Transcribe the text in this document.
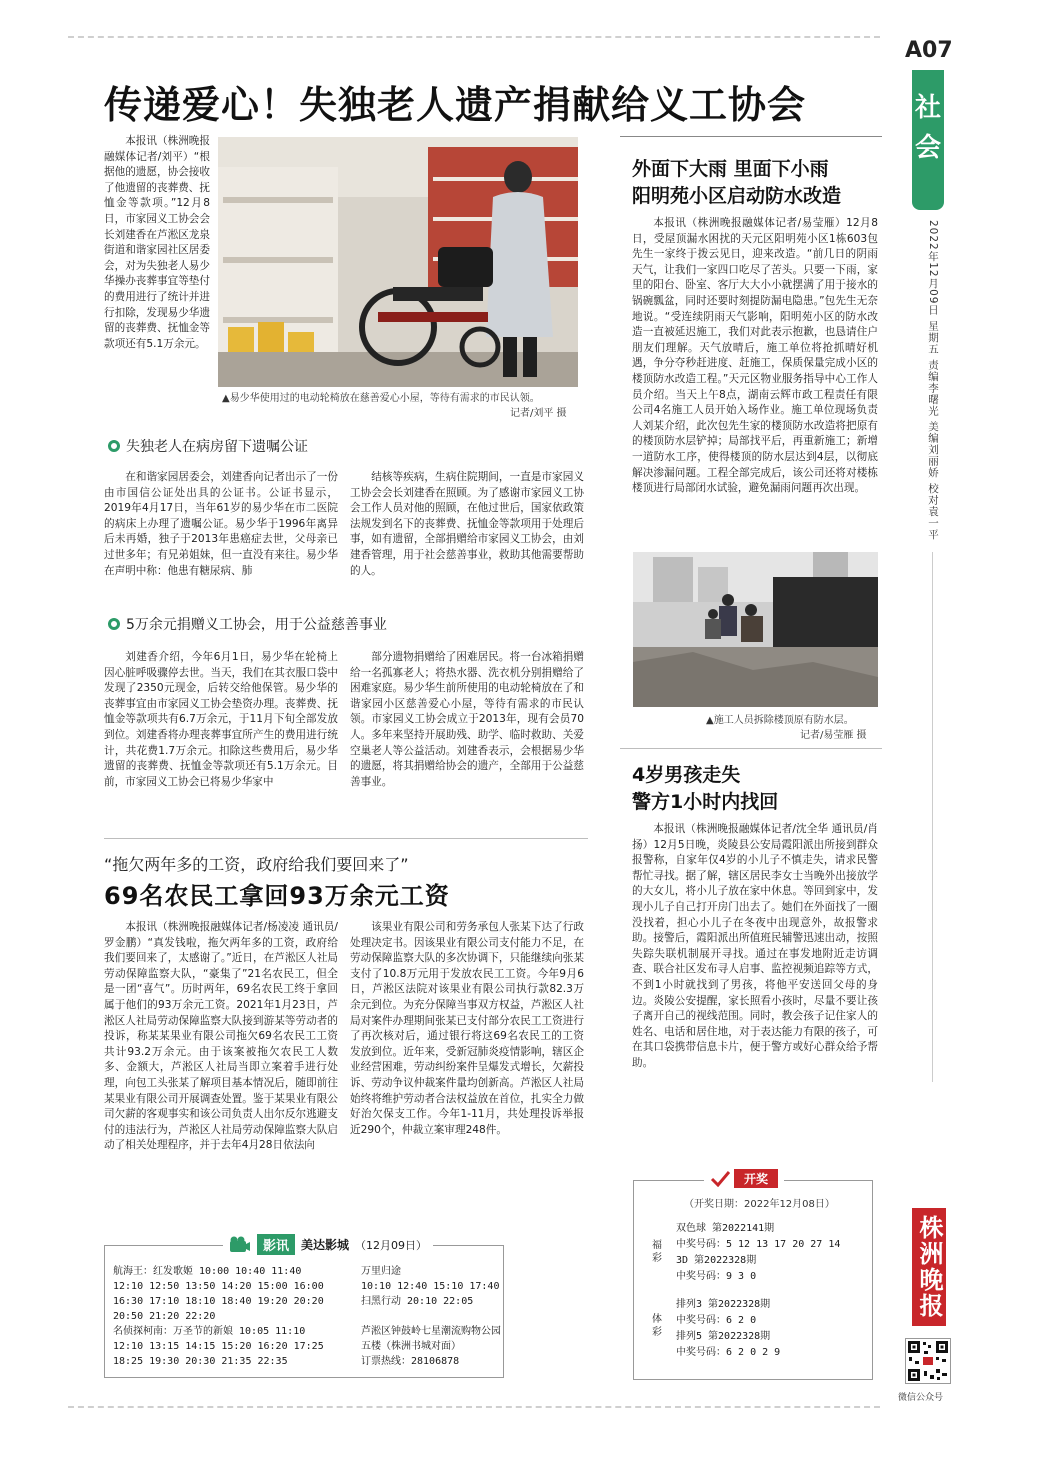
A07
社会
2022年12月09日 星期五 责编李曙光 美编刘丽娇 校对袁一平
株洲晚报
微信公众号
传递爱心！失独老人遗产捐献给义工协会

本报讯（株洲晚报融媒体记者/刘平）“根据他的遗愿，协会接收了他遗留的丧葬费、抚恤金等款项。”12月8日，市家园义工协会会长刘建香在芦淞区龙泉街道和谐家园社区居委会，对为失独老人易少华操办丧葬事宜等垫付的费用进行了统计并进行扣除，发现易少华遗留的丧葬费、抚恤金等款项还有5.1万余元。

▲易少华使用过的电动轮椅放在慈善爱心小屋，等待有需求的市民认领。
记者/刘平 摄
失独老人在病房留下遗嘱公证

在和谐家园居委会，刘建香向记者出示了一份由市国信公证处出具的公证书。公证书显示，2019年4月17日，当年61岁的易少华在市二医院的病床上办理了遗嘱公证。易少华于1996年离异后未再婚，独子于2013年患癌症去世，父母亲已过世多年；有兄弟姐妹，但一直没有来往。易少华在声明中称：他患有糖尿病、肺

结核等疾病，生病住院期间，一直是市家园义工协会会长刘建香在照顾。为了感谢市家园义工协会工作人员对他的照顾，在他过世后，国家依政策法规发到名下的丧葬费、抚恤金等款项用于处理后事，如有遗留，全部捐赠给市家园义工协会，由刘建香管理，用于社会慈善事业，救助其他需要帮助的人。

5万余元捐赠义工协会，用于公益慈善事业

刘建香介绍，今年6月1日，易少华在轮椅上因心脏呼吸骤停去世。当天，我们在其衣服口袋中发现了2350元现金，后转交给他保管。易少华的丧葬事宜由市家园义工协会垫资办理。丧葬费、抚恤金等款项共有6.7万余元，于11月下旬全部发放到位。刘建香将办理丧葬事宜所产生的费用进行统计，共花费1.7万余元。扣除这些费用后，易少华遗留的丧葬费、抚恤金等款项还有5.1万余元。目前，市家园义工协会已将易少华家中

部分遗物捐赠给了困难居民。将一台冰箱捐赠给一名孤寡老人；将热水器、洗衣机分别捐赠给了困难家庭。易少华生前所使用的电动轮椅放在了和谐家园小区慈善爱心小屋，等待有需求的市民认领。市家园义工协会成立于2013年，现有会员70人。多年来坚持开展助残、助学、临时救助、关爱空巢老人等公益活动。刘建香表示，会根据易少华的遗愿，将其捐赠给协会的遗产，全部用于公益慈善事业。

“拖欠两年多的工资，政府给我们要回来了”
69名农民工拿回93万余元工资

本报讯（株洲晚报融媒体记者/杨凌凌 通讯员/罗金鹏）“真发钱啦，拖欠两年多的工资，政府给我们要回来了，太感谢了。”近日，在芦淞区人社局劳动保障监察大队，“豪集了”21名农民工，但全是一团“喜气”。历时两年，69名农民工终于拿回属于他们的93万余元工资。2021年1月23日，芦淞区人社局劳动保障监察大队接到游某等劳动者的投诉，称某某果业有限公司拖欠69名农民工工资共计93.2万余元。由于该案被拖欠农民工人数多、金额大，芦淞区人社局当即立案着手进行处理，向包工头张某了解项目基本情况后，随即前往某果业有限公司开展调查处置。鉴于某果业有限公司欠薪的客观事实和该公司负责人出尔反尔逃避支付的违法行为，芦淞区人社局劳动保障监察大队启动了相关处理程序，并于去年4月28日依法向

该果业有限公司和劳务承包人张某下达了行政处理决定书。因该果业有限公司支付能力不足，在劳动保障监察大队的多次协调下，只能继续向张某支付了10.8万元用于发放农民工工资。今年9月6日，芦淞区法院对该果业有限公司执行款82.3万余元到位。为充分保障当事双方权益，芦淞区人社局对案件办理期间张某已支付部分农民工工资进行了再次核对后，通过银行将这69名农民工的工资发放到位。近年来，受新冠肺炎疫情影响，辖区企业经营困难，劳动纠纷案件呈爆发式增长，欠薪投诉、劳动争议仲裁案件量均创新高。芦淞区人社局始终将维护劳动者合法权益放在首位，扎实全力做好治欠保支工作。今年1-11月，共处理投诉举报近290个，仲裁立案审理248件。

影讯	美达影城 （12月09日）
航海王：红发歌姬 10:00 10:40 11:40
12:10 12:50 13:50 14:20 15:00 16:00
16:30 17:10 18:10 18:40 19:20 20:20
20:50 21:20 22:20
名侦探柯南：万圣节的新娘 10:05 11:10
12:10 13:15 14:15 15:20 16:20 17:25
18:25 19:30 20:30 21:35 22:35
万里归途
10:10 12:40 15:10 17:40
扫黑行动 20:10 22:05
芦淞区钟鼓岭七星潮流购物公园
五楼（株洲书城对面）
订票热线：28106878
外面下大雨 里面下小雨
阳明苑小区启动防水改造

本报讯（株洲晚报融媒体记者/易莹雁）12月8日，受屋顶漏水困扰的天元区阳明苑小区1栋603包先生一家终于拨云见日，迎来改造。“前几日的阴雨天气，让我们一家四口吃尽了苦头。只要一下雨，家里的阳台、卧室、客厅大大小小就摆满了用于接水的锅碗瓢盆，同时还要时刻提防漏电隐患。”包先生无奈地说。“受连续阴雨天气影响，阳明苑小区的防水改造一直被延迟施工，我们对此表示抱歉，也恳请住户朋友们理解。天气放晴后，施工单位将抢抓晴好机遇，争分夺秒赶进度、赶施工，保质保量完成小区的楼顶防水改造工程。”天元区物业服务指导中心工作人员介绍。当天上午8点，湖南云辉市政工程责任有限公司4名施工人员开始入场作业。施工单位现场负责人刘某介绍，此次包先生家的楼顶防水改造将把原有的楼顶防水层铲掉；局部找平后，再重新施工；新增一道防水工序，使得楼顶的防水层达到4层，以彻底解决渗漏问题。工程全部完成后，该公司还将对楼栋楼顶进行局部闭水试验，避免漏雨问题再次出现。

▲施工人员拆除楼顶原有防水层。
记者/易莹雁 摄
4岁男孩走失
警方1小时内找回

本报讯（株洲晚报融媒体记者/沈全华 通讯员/肖扬）12月5日晚，炎陵县公安局霞阳派出所接到群众报警称，自家年仅4岁的小儿子不慎走失，请求民警帮忙寻找。据了解，辖区居民李女士当晚外出接放学的大女儿，将小儿子放在家中休息。等回到家中，发现小儿子自己打开房门出去了。她们在外面找了一圈没找着，担心小儿子在冬夜中出现意外，故报警求助。接警后，霞阳派出所值班民辅警迅速出动，按照失踪失联机制展开寻找。通过在事发地附近走访调查、联合社区发布寻人启事、监控视频追踪等方式，不到1小时就找到了男孩，将他平安送回父母的身边。炎陵公安提醒，家长照看小孩时，尽量不要让孩子离开自己的视线范围。同时，教会孩子记住家人的姓名、电话和居住地，对于表达能力有限的孩子，可在其口袋携带信息卡片，便于警方或好心群众给予帮助。

开奖
（开奖日期：2022年12月08日）
福彩
双色球 第2022141期
中奖号码：5 12 13 17 20 27 14
3D 第2022328期
中奖号码：9 3 0
体彩
排列3 第2022328期
中奖号码：6 2 0
排列5 第2022328期
中奖号码：6 2 0 2 9
